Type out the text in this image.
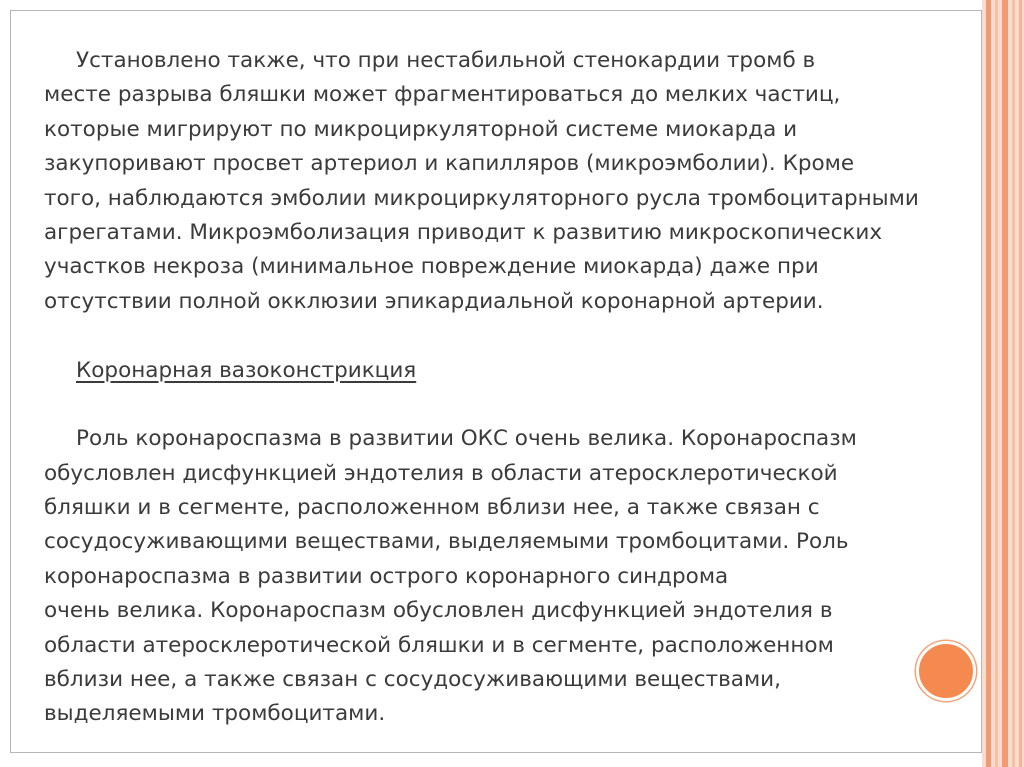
Установлено также, что при нестабильной стенокардии тромб в
месте разрыва бляшки может фрагментироваться до мелких частиц,
которые мигрируют по микроциркуляторной системе миокарда и
закупоривают просвет артериол и капилляров (микроэмболии). Кроме
того, наблюдаются эмболии микроциркуляторного русла тромбоцитарными
агрегатами. Микроэмболизация приводит к развитию микроскопических
участков некроза (минимальное повреждение миокарда) даже при
отсутствии полной окклюзии эпикардиальной коронарной артерии.
Коронарная вазоконстрикция
Роль коронароспазма в развитии ОКС очень велика. Коронароспазм
обусловлен дисфункцией эндотелия в области атеросклеротической
бляшки и в сегменте, расположенном вблизи нее, а также связан с
сосудосуживающими веществами, выделяемыми тромбоцитами. Роль
коронароспазма в развитии острого коронарного синдрома
очень велика. Коронароспазм обусловлен дисфункцией эндотелия в
области атеросклеротической бляшки и в сегменте, расположенном
вблизи нее, а также связан с сосудосуживающими веществами,
выделяемыми тромбоцитами.
